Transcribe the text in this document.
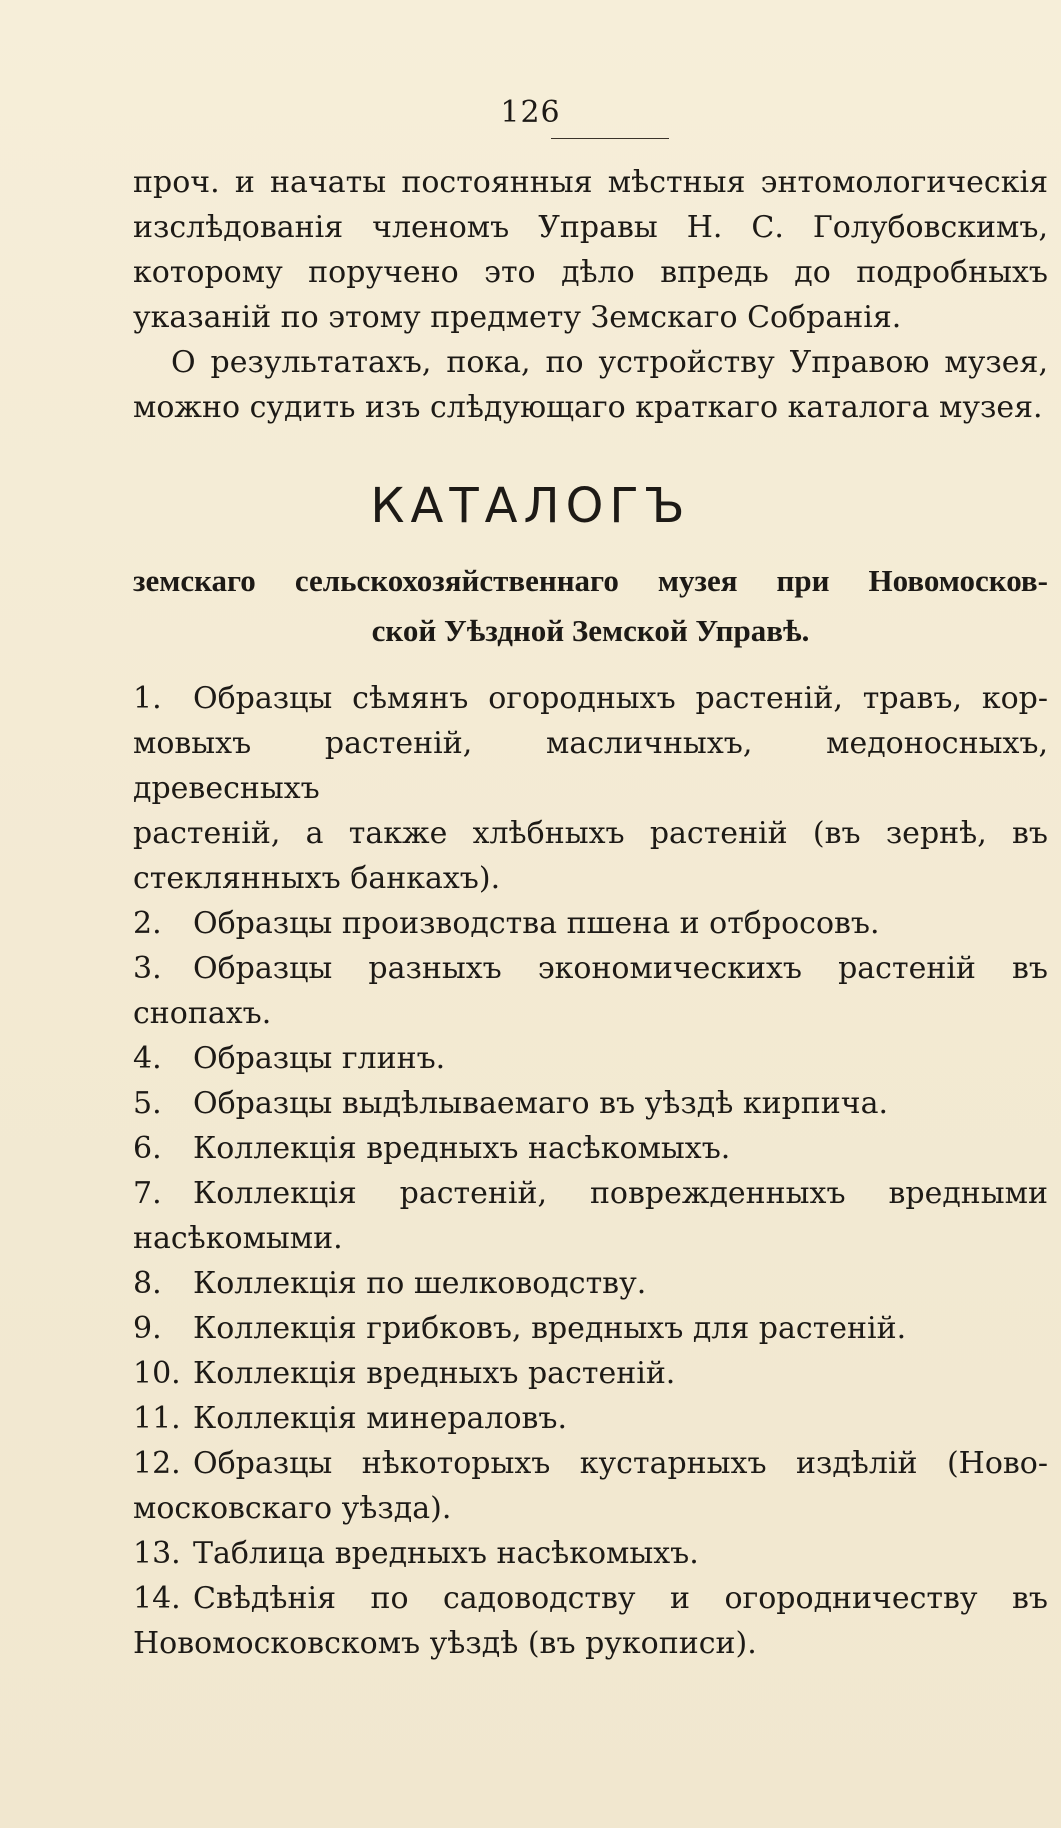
126

проч. и начаты постоянныя мѣстныя энтомологическія

изслѣдованія членомъ Управы Н. С. Голубовскимъ,

которому поручено это дѣло впредь до подробныхъ

указаній по этому предмету Земскаго Собранія.

О результатахъ, пока, по устройству Управою музея,

можно судить изъ слѣдующаго краткаго каталога музея.

КАТАЛОГЪ
земскаго сельскохозяйственнаго музея при Новомосков-
ской Уѣздной Земской Управѣ.

1. Образцы сѣмянъ огородныхъ растеній, травъ, кор-

мовыхъ растеній, масличныхъ, медоносныхъ, древесныхъ

растеній, а также хлѣбныхъ растеній (въ зернѣ, въ

стеклянныхъ банкахъ).

2. Образцы производства пшена и отбросовъ.

3. Образцы разныхъ экономическихъ растеній въ

снопахъ.

4. Образцы глинъ.

5. Образцы выдѣлываемаго въ уѣздѣ кирпича.

6. Коллекція вредныхъ насѣкомыхъ.

7. Коллекція растеній, поврежденныхъ вредными

насѣкомыми.

8. Коллекція по шелководству.

9. Коллекція грибковъ, вредныхъ для растеній.

10. Коллекція вредныхъ растеній.

11. Коллекція минераловъ.

12. Образцы нѣкоторыхъ кустарныхъ издѣлій (Ново-

московскаго уѣзда).

13. Таблица вредныхъ насѣкомыхъ.

14. Свѣдѣнія по садоводству и огородничеству въ

Новомосковскомъ уѣздѣ (въ рукописи).
